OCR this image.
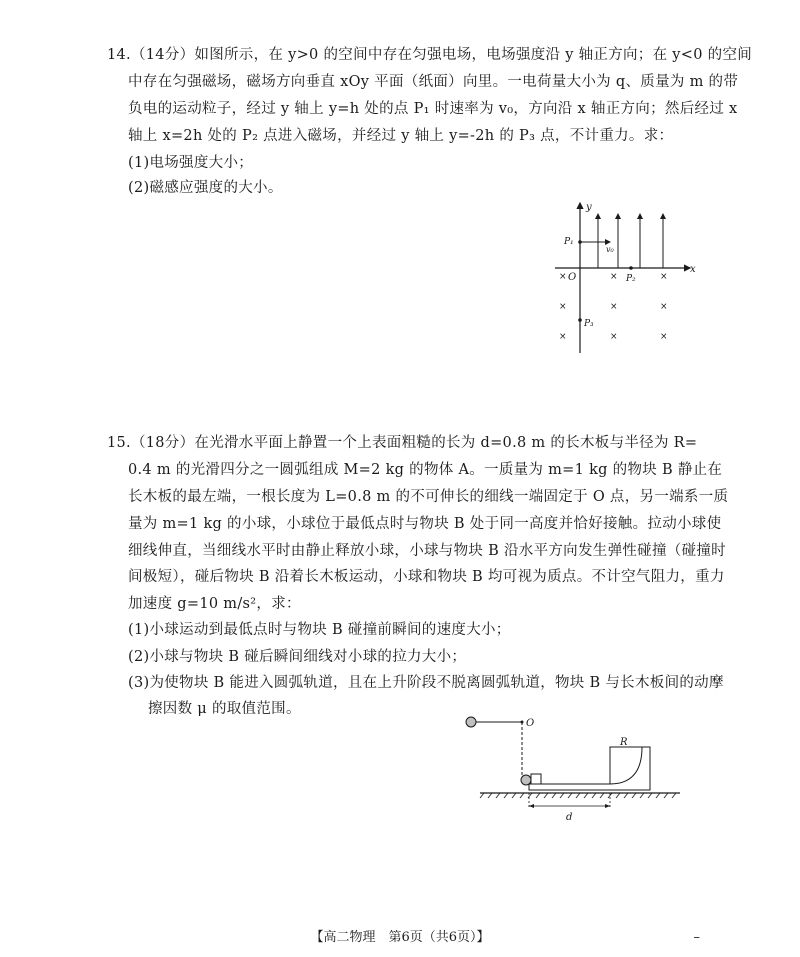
14.（14分）如图所示，在 y>0 的空间中存在匀强电场，电场强度沿 y 轴正方向；在 y<0 的空间
中存在匀强磁场，磁场方向垂直 xOy 平面（纸面）向里。一电荷量大小为 q、质量为 m 的带
负电的运动粒子，经过 y 轴上 y=h 处的点 P₁ 时速率为 v₀，方向沿 x 轴正方向；然后经过 x
轴上 x=2h 处的 P₂ 点进入磁场，并经过 y 轴上 y=-2h 的 P₃ 点，不计重力。求：
(1)电场强度大小；
(2)磁感应强度的大小。
y
x
O
P₁
v₀
P₂
P₃
×	×	×
×	×	×
×	×	×
15.（18分）在光滑水平面上静置一个上表面粗糙的长为 d=0.8 m 的长木板与半径为 R=
0.4 m 的光滑四分之一圆弧组成 M=2 kg 的物体 A。一质量为 m=1 kg 的物块 B 静止在
长木板的最左端，一根长度为 L=0.8 m 的不可伸长的细线一端固定于 O 点，另一端系一质
量为 m=1 kg 的小球，小球位于最低点时与物块 B 处于同一高度并恰好接触。拉动小球使
细线伸直，当细线水平时由静止释放小球，小球与物块 B 沿水平方向发生弹性碰撞（碰撞时
间极短），碰后物块 B 沿着长木板运动，小球和物块 B 均可视为质点。不计空气阻力，重力
加速度 g=10 m/s²，求：
(1)小球运动到最低点时与物块 B 碰撞前瞬间的速度大小；
(2)小球与物块 B 碰后瞬间细线对小球的拉力大小；
(3)为使物块 B 能进入圆弧轨道，且在上升阶段不脱离圆弧轨道，物块 B 与长木板间的动摩
擦因数 μ 的取值范围。
O
R
d
【高二物理　第6页（共6页）】	–
